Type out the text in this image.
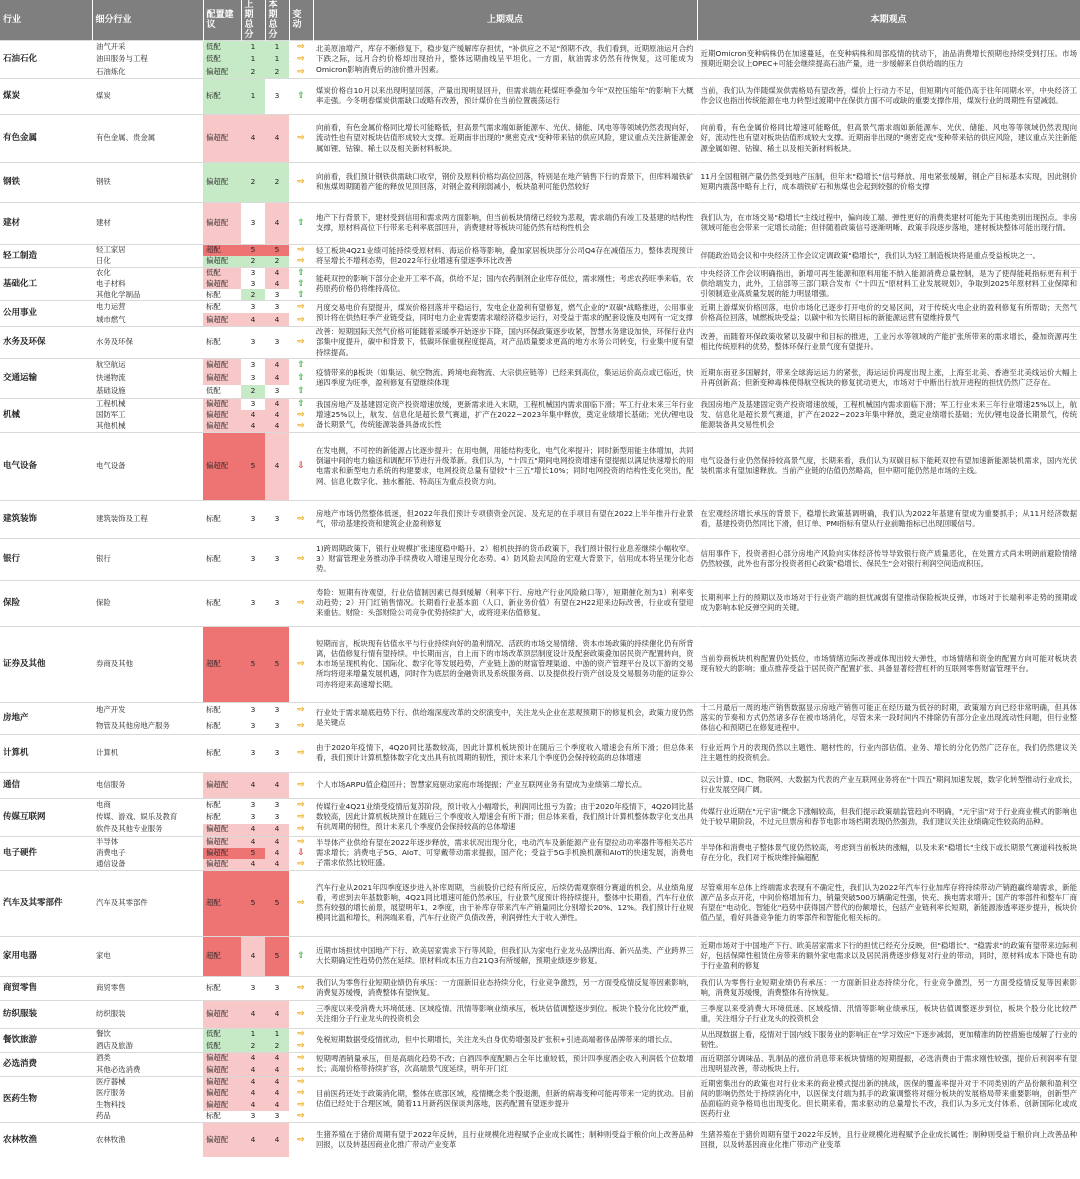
行业	细分行业	配置建议	上期总分	本期总分	变动	上期观点	本期观点
石油石化	油气开采	低配	1	1	⇨	北美原油增产，库存不断修复下，稳步复产缓解库存担忧，"补供应之不足"预期不改，我们看到，近期原油运月合约下跌之际，远月合约价格却出现抬升，整体远期曲线呈平坦化。一方面，航油需求仍然有待恢复，这可能成为Omicron影响消费后的油价推升因素。	近期Omicron变种病株仍在加速蔓延，在变种病株和局部疫情的扰动下，油品消费增长预期也持续受到打压。市场预期近期会议上OPEC+可能会继续提高石油产量，进一步缓解来自供给端的压力
	油田服务与工程	低配	1	1	⇨		
	石油炼化	偏超配	2	2	⇨		
煤炭	煤炭	标配	1	3	⇧	煤炭价格自10月以来出现明显回落，产量出现明显回升，但需求端在耗煤旺季叠加今年"双控压缩年"的影响下大概率走强。今冬明春煤炭供需缺口或略有改善，预计煤价在当前位置震荡运行	当前，我们认为伴随煤炭供需格局有望改善，煤价上行动力不足，但短期内可能仍高于往年同期水平，中央经济工作会议也指出传统能源在电力转型过渡期中在保供方面不可或缺的重要支撑作用，煤炭行业的周期性有望减弱。
有色金属	有色金属、贵金属	偏超配	4	4	⇨	向前看，有色金属价格同比增长可能略低，但高景气需求端如新能源车、光伏、储能、风电等等领域仍然表现向好，流动性也有望对板块估值形成较大支撑。近期南非出现的"奥密克戎"变种带来钴的供应风险，建议重点关注新能源金属如锂、钴镍、稀土以及相关新材料板块。	向前看，有色金属价格同比增速可能略低，但高景气需求端如新能源车、光伏、储能、风电等等领域仍然表现向好，流动性也有望对板块估值形成较大支撑。近期南非出现的"奥密克戎"变种带来钴的供应风险，建议重点关注新能源金属如锂、钴镍、稀土以及相关新材料板块。
钢铁	钢铁	偏超配	2	2	⇨	向前看，我们预计钢铁供需缺口收窄，钢价及原料价格均高位回落，特别是在地产销售下行的背景下，但库料端铁矿和焦煤周期随着产能的释放见顶回落，对钢企盈利削弱减小，板块盈利可能仍然较好	11月全国粗钢产量仍然受到地产压制，但年末"稳增长"信号释放、用电紧张缓解，钢企产目标基本实现，因此钢价短期内震荡中略有上行，成本端铁矿石和焦煤也会起到较强的价格支撑
建材	建材	偏超配	3	4	⇧	地产下行背景下，建材受到信用和需求两方面影响，但当前板块情绪已经较为悲观，需求端仍有竣工及基建的结构性支撑，原材料高位下行带来毛利率底部回升，消费建材等板块可能仍然有结构性机会	我们认为，在市场交易"稳增长"主线过程中，偏向竣工端、弹性更好的消费类建材可能先于其他类别出现拐点。非房领域可能也会带来一定增长动能；但伴随着政策信号逐渐明晰、政策手段逐步落地，建材板块整体可能出现行情。
轻工制造	轻工家居	超配	5	5	⇨	轻工板块4Q21业绩可能持续受原材料、海运价格等影响，叠加家居板块部分公司Q4存在减值压力，整体表现预计将呈增长不增利态势，但2022年行业增速有望逐季环比改善	伴随政治局会议和中央经济工作会议定调政策"稳增长"，我们认为轻工制造板块将是重点受益板块之一。
	日化	偏超配	2	2	⇨		
基础化工	农化	低配	3	4	⇧	能耗双控的影响下部分企业开工率不高，供给不足；国内农药制剂企业库存低位，需求刚性；考虑农药旺季来临，农药原药价格仍将维持高位。	中央经济工作会议明确指出，新增可再生能源和原料用能不纳入能源消费总量控制，是为了使得能耗指标更有利于供给端发力，此外，工信部等三部门联合发布《"十四五"原材料工业发展规划》，争取到2025年原材料工业保障和引领制造业高质量发展的能力明显增强。
	电子材料	偏超配	3	4	⇧		
	其他化学制品	标配	2	3	⇧		
公用事业	电力运营	标配	3	3	⇨	月度交易电价有望提升，煤炭价格回落并平稳运行，发电企业盈利有望修复，燃气企业的"双碳"战略推进，公用事业预计将在供热旺季产业链受益，同时电力企业需要需求端经济稳步运行，对受益于需求的配套设施及电网有一定支撑	近期上游煤炭价格回落，电价市场化已逐步打开电价的交易区间，对于传统火电企业的盈利修复有所帮助；天然气价格高位回落，城燃板块受益；以碳中和为长期目标的新能源运营有望维持景气
	城市燃气	偏超配	4	4	⇨		
水务及环保	水务及环保	标配	3	3	⇨	改善：短期国际天然气价格可能随着采暖季开始逐步下降，国内环保政策逐步收紧，智慧水务建设加快，环保行业内部集中度提升，碳中和背景下，低碳环保重视程度提高，对产品质量要求更高的地方水务公司转变，行业集中度有望持续提高。	改善，而随着环保政策收紧以及碳中和目标的推进，工业污水等领域的产能扩张所带来的需求增长，叠加资源再生相比传统原料的优势，整体环保行业景气度有望提升。
交通运输	航空航运	偏超配	3	4	⇧	疫情带来的β板块（如集运、航空物流、跨境电商物流、大宗供应链等）已经来到高位，集运运价高点或已临近，快递四季度为旺季，盈利修复有望继续体现	近期东南亚多国解封，带来全球海运运力的紧张，海运运价再度出现上涨，上海至北美、香港至北美线运价大幅上升再创新高；但新变种毒株使得航空板块的修复扰动更大，市场对于中断出行放开进程的担忧仍然广泛存在。
	快递物流	偏超配	3	4	⇧		
	基础设施	低配	2	3	⇧		
机械	工程机械	偏超配	3	4	⇧	我国房地产及基建固定资产投资增速放缓，更新需求进入末期，工程机械国内需求面临下滑；军工行业未来三年行业增速25%以上，航发、信息化是超长景气赛道，扩产在2022~2023年集中释放，奠定业绩增长基础；光伏/锂电设备长期景气，传统能源装备具备成长性	我国房地产及基建固定资产投资增速放缓，工程机械国内需求面临下滑；军工行业未来三年行业增速25%以上，航发、信息化是超长景气赛道，扩产在2022~2023年集中释放，奠定业绩增长基础；光伏/锂电设备长期景气，传统能源装备具交易性机会
	国防军工	偏超配	4	4	⇨		
	其他机械	偏超配	4	4	⇨		
电气设备	电气设备	偏超配	5	4	⇩	在发电侧，不可控的新能源占比逐步提升；在用电侧，用能结构变化，电气化率提升；同时新型用能主体增加，共同倒逼中间的电力输送和调配环节进行升级革新。我们认为，"十四五"期间电网投资增速有望提振以满足快速增长的用电需求和新型电力系统的构建要求，电网投资总量有望较"十三五"增长10%；同时电网投资的结构性变化突出，配网、信息化数字化、抽水蓄能、特高压为重点投资方向。	电气设备行业仍然保持较高景气度，长期来看，我们认为双碳目标下能耗双控有望加速新能源装机需求，国内光伏装机需求有望加速释放。当前产业链的估值仍然略高，但中期可能仍然是市场的主线。
建筑装饰	建筑装饰及工程	标配	3	3	⇨	房地产市场仍然整体低迷，但2022年我们预计专项债资金沉淀、及充足的在手项目有望在2022上半年推升行业景气，带动基建投资和建筑企业盈利修复	在宏观经济增长承压的背景下，稳增长政策基调明确，我们认为2022年基建有望成为重要抓手；从11月经济数据看，基建投资仍然同比下滑，但订单、PMI指标有望从行业前瞻指标已出现回暖信号。
银行	银行	标配	3	3	⇨	1)跨周期政策下，银行业规模扩张速度稳中略升。2）相机抉择的货币政策下，我们预计银行业息差继续小幅收窄。3）财富管理业务推动净手续费收入增速呈现分化态势。4）防风险去风险的宏观大背景下，信用成本将呈现分化态势。	信用事件下，投资者担心部分房地产风险向实体经济传导导致银行资产质量恶化，在处置方式尚未明朗前避险情绪仍然较强，此外也有部分投资者担心政策"稳增长、保民生"会对银行利润空间造成积压。
保险	保险	标配	3	3	⇨	寿险：短期有待观望，行业估值制因素已得到缓解（利率下行、房地产行业风险敞口等），短期催化剂为1）利率变动趋势；2）开门红销售情况。长期看行业基本面（人口、新业务价值）有望在2H22迎来边际改善，行业或有望迎来重估。财险：头部财险公司竞争优势持续扩大，或将迎来估值修复。	长期利率上行的预期以及市场对于行业资产端的担忧减弱有望推动保险板块反弹，市场对于长端利率走势的预期或成为影响本轮反弹空间的关键。
证券及其他	券商及其他	超配	5	5	⇨	短期而言，板块现有估值水平与行业持续向好的盈利情况、活跃的市场交易情绪、资本市场政策的持续催化仍有所背离，估值修复行情有望持续。中长期而言，自上而下的市场改革顶层制度设计及配套政策叠加居民资产配置转向，资本市场呈现机构化、国际化、数字化等发展趋势，产业链上游的财富管理渠道、中游的资产管理平台及以下游的交易所均将迎来增量发展机遇，同时作为底层的金融资讯及系统服务商、以及提供投行资产创设及交易服务功能的证券公司亦将迎来高速增长期。	当前券商板块机构配置仍处低位，市场情绪边际改善或体现出较大弹性，市场情绪和资金的配置方向可能对板块表现有较大的影响；重点推荐受益于居民资产配置扩张、具备显著经营杠杆的互联网零售财富管理平台。
房地产	地产开发	标配	3	3	⇨	行业处于需求端底趋势下行、供给端深度改革的交织演变中，关注龙头企业在悲观预期下的修复机会，政策力度仍然是关键点	十二月最后一周的地产销售数据显示房地产销售可能正在经历最为低谷的时期，政策端方向已经非常明确，但具体落实的节奏和方式仍然诸多存在被市场消化，尽管未来一段时间内不排除仍有部分企业出现流动性问题，但行业整体信心和预期已在修复进程中。
	物管及其他房地产服务	标配	3	3	⇨		
计算机	计算机	标配	3	3	⇨	由于2020年疫情下，4Q20同比基数较高，因此计算机板块预计在随后三个季度收入增速会有所下滑；但总体来看，我们预计计算机整体数字化支出具有抗周期的韧性，预计未来几个季度仍会保持较高的总体增速	行业近两个月的表现仍然以主题性、题材性的，行业内部估值、业务、增长的分化仍然广泛存在，我们仍然建议关注主题性的投资机会。
通信	电信服务	偏超配	4	4	⇨	个人市场ARPU值企稳回升；智慧家庭驱动家庭市场提振；产业互联网业务有望成为业绩第二增长点。	以云计算、IDC、物联网、大数据为代表的产业互联网业务将在"十四五"期间加速发展，数字化转型推动行业成长，行业发展空间广阔。
传媒互联网	电商	标配	3	3	⇨	传媒行业4Q21业绩受疫情后复苏阶段，预计收入小幅增长，利润同比扭亏为盈；由于2020年疫情下，4Q20同比基数较高，因此计算机板块预计在随后三个季度收入增速会有所下滑；但总体来看，我们预计计算机整体数字化支出具有抗周期的韧性，预计未来几个季度仍会保持较高的总体增速	传媒行业近期在"元宇宙"概念下涨幅较高，但我们提示政策端监管趋向不明确，"元宇宙"对于行业商业模式的影响也处于较早期阶段，不过元旦票房和春节电影市场档期表现仍然强劲，我们建议关注业绩确定性较高的品种。
	传媒、游戏、娱乐及教育	标配	3	3	⇨		
	软件及其他专业服务	偏超配	4	4	⇨		
电子硬件	半导体	偏超配	4	4	⇨	半导体产业供给有望在2022年逐步释放，需求状况出现分化，电动汽车及新能源产业有望拉动功率器件等相关芯片需求增长；消费电子5G、AIoT、可穿戴带动需求提振，国产化；受益于5G手机换机潮和AIoT的快速发展，消费电子需求依然比较旺盛。	半导体和消费电子整体景气度仍然较高，考虑到当前板块的涨幅，以及未来"稳增长"主线下或长期景气赛道科技板块存在分化，我们对于板块维持偏超配
	消费电子	偏超配	5	4	⇩		
	通信设备	偏超配	4	4	⇨		
汽车及其零部件	汽车及其零部件	超配	5	5	⇨	汽车行业从2021年四季度逐步进入补库周期，当前股价已经有所反应，后续仍需观察细分赛道的机会。从业绩角度看，考虑到去年基数影响，4Q21同比增速可能仍然承压，行业景气度预计将持续提升，整体中长期看，汽车行业依然有较强的增长前景，展望明年1、2季度，由于补库存带来汽车产销量同比分别增长20%、12%。我们预计行业规模同比温和增长，利润端来看，汽车行业资产负债改善，利润弹性大于收入弹性。	尽管乘用车总体上终端需求表现有不确定性，我们认为2022年汽车行业加库存将持续带动产销跑赢终端需求，新能源产品多点开花，中间价格增加有力，销量突破500万辆确定性强，快充、换电需求增升；国产的零部件和整车厂商有望在"电动化、智能化"趋势中获得国产替代的份额增长，包括产业链利率长短期，新能源渗透率逐步提升，板块价值凸显，看好具备竞争能力的零部件和智能化相关标的。
家用电器	家电	超配	4	5	⇧	近期市场担忧中国地产下行、欧美居家需求下行等风险，但我们认为家电行业龙头品牌出海、新兴品类、产业跨界三大长期确定性趋势仍然在延续。原材料成本压力自21Q3有所缓解，预期业绩逐步修复。	近期市场对于中国地产下行、欧美居家需求下行的担忧已经充分反映，但"稳增长"、"稳需求"的政策有望带来边际利好，包括保障性租赁住房带来的额外家电需求以及居民消费逐步修复对行业的带动，同时，原材料成本下降也有助于行业盈利的修复
商贸零售	商贸零售	标配	3	3	⇨	我们认为零售行业短期业绩仍有承压：一方面新旧业态持续分化，行业竞争激烈，另一方面受疫情反复等因素影响，消费复苏缓慢，消费整体有望恢复。	我们认为零售行业短期业绩仍有承压：一方面新旧业态持续分化，行业竞争激烈，另一方面受疫情反复等因素影响，消费复苏缓慢，消费整体有待恢复。
纺织服装	纺织服装	偏超配	4	4	⇨	三季度以来受消费大环境低迷、区域疫情、汛情等影响业绩承压，板块估值调整逐步到位。板块个股分化比较严重，关注细分子行业龙头的投资机会	三季度以来受消费大环境低迷、区域疫情、汛情等影响业绩承压，板块估值调整逐步到位，板块个股分化比较严重，关注细分子行业龙头的投资机会
餐饮旅游	餐饮	低配	1	1	⇨	免税短期数据受疫情扰动，但中长期增长，关注龙头自身优势增强及扩张积+引进高端奢侈品牌带来的增长点。	从出现数据上看，疫情对于国内线下服务业的影响正在"学习效应"下逐步减弱，更加精准的防控措施也缓解了行业的韧性。
	酒店及旅游	低配	2	2	⇨		
必选消费	酒类	偏超配	4	4	⇨	短期啤酒销量承压，但是高端化趋势不改；白酒四季度配额占全年比重较低，预计四季度酒企收入利润低个位数增长；高端价格带持续扩容，次高端景气度延续，明年开门红	而近期部分调味品、乳制品的涨价消息带来板块情绪的短期提振，必选消费由于需求刚性较强，提价后利润率有望出现明显改善，带动板块上行。
	其他必选消费	偏超配	4	4	⇨		
医药生物	医疗器械	偏超配	4	4	⇨	目前医药还处于政策消化期，整体在底部区域，疫情概念类个股退潮，但新的病毒变种可能再带来一定的扰动。目前估值已经处于合理区域，随着11月新药医保谈判落地，医药配置有望逐步提升	近期密集出台的政策也对行业未来的商业模式提出新的挑战，医保的覆盖率提升对于不同类别的产品份额和盈利空间的影响仍然处于持续消化中，以医保支付端为抓手的政策调整将对细分板块的发展格局带来重要影响，创新型产品面临的竞争格局也出现变化。但长期来看，需求驱动的总量增长不改，我们认为多元支付体系、创新国际化或成医药行业
	医疗服务	偏超配	4	4	⇨		
	生物科技	偏超配	4	4	⇨		
	药品	标配	3	3	⇨		
农林牧渔	农林牧渔	偏超配	4	4	⇨	生猪养殖在于猪价周期有望于2022年反转，且行业规模化进程赋予企业成长属性；制种则受益于粮价向上改善品种回报，以及转基因商业化推广带动产业变革	生猪养殖在于猪价周期有望于2022年反转，且行业规模化进程赋予企业成长属性；制种则受益于粮价向上改善品种回报，以及转基因商业化推广带动产业变革
